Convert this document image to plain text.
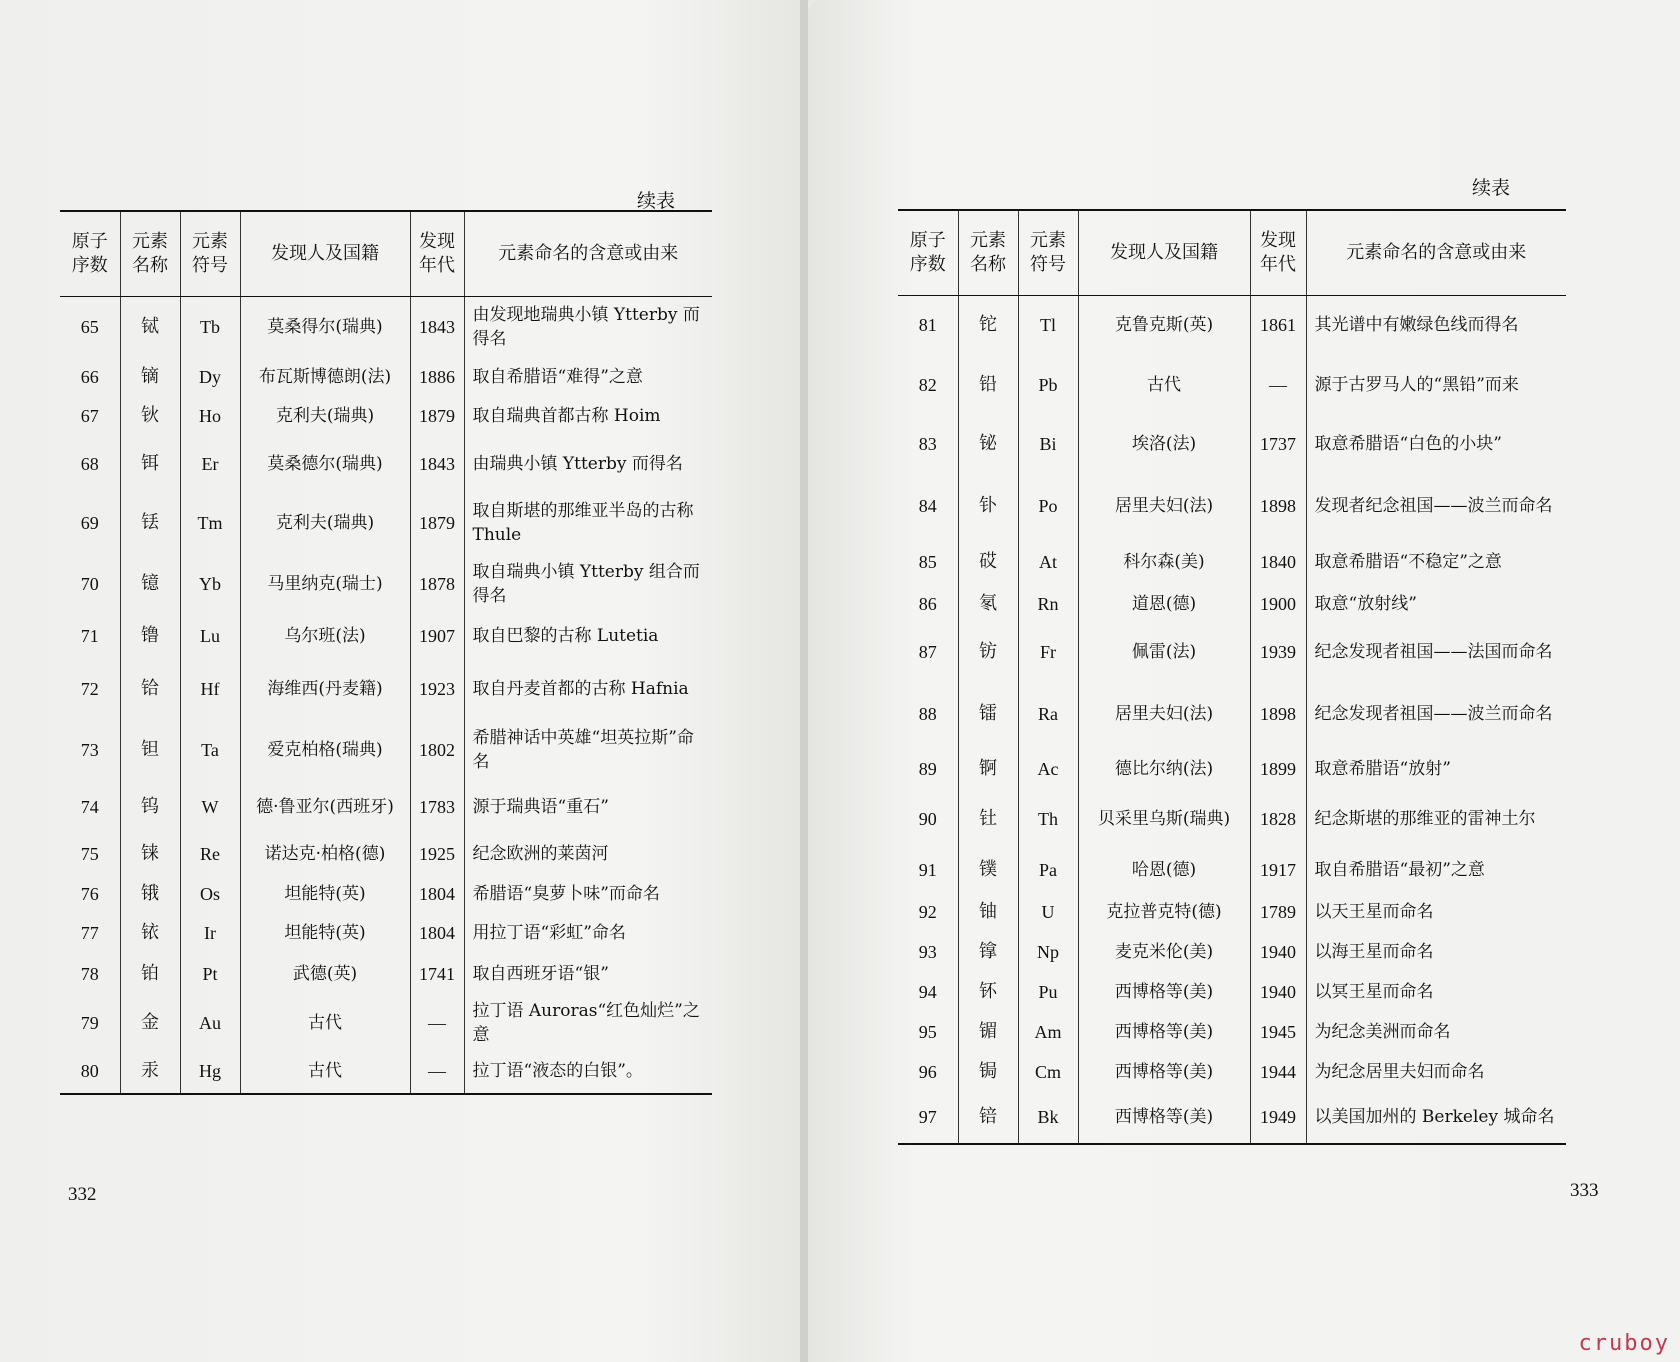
续表
原子序数	元素名称	元素符号	发现人及国籍	发现年代	元素命名的含意或由来
65	铽	Tb	莫桑得尔(瑞典)	1843	由发现地瑞典小镇 Ytterby 而得名
66	镝	Dy	布瓦斯博德朗(法)	1886	取自希腊语“难得”之意
67	钬	Ho	克利夫(瑞典)	1879	取自瑞典首都古称 Hoim
68	铒	Er	莫桑德尔(瑞典)	1843	由瑞典小镇 Ytterby 而得名
69	铥	Tm	克利夫(瑞典)	1879	取自斯堪的那维亚半岛的古称 Thule
70	镱	Yb	马里纳克(瑞士)	1878	取自瑞典小镇 Ytterby 组合而得名
71	镥	Lu	乌尔班(法)	1907	取自巴黎的古称 Lutetia
72	铪	Hf	海维西(丹麦籍)	1923	取自丹麦首都的古称 Hafnia
73	钽	Ta	爱克柏格(瑞典)	1802	希腊神话中英雄“坦英拉斯”命名
74	钨	W	德·鲁亚尔(西班牙)	1783	源于瑞典语“重石”
75	铼	Re	诺达克·柏格(德)	1925	纪念欧洲的莱茵河
76	锇	Os	坦能特(英)	1804	希腊语“臭萝卜味”而命名
77	铱	Ir	坦能特(英)	1804	用拉丁语“彩虹”命名
78	铂	Pt	武德(英)	1741	取自西班牙语“银”
79	金	Au	古代	—	拉丁语 Auroras“红色灿烂”之意
80	汞	Hg	古代	—	拉丁语“液态的白银”。
332
续表
原子序数	元素名称	元素符号	发现人及国籍	发现年代	元素命名的含意或由来
81	铊	Tl	克鲁克斯(英)	1861	其光谱中有嫩绿色线而得名
82	铅	Pb	古代	—	源于古罗马人的“黑铅”而来
83	铋	Bi	埃洛(法)	1737	取意希腊语“白色的小块”
84	钋	Po	居里夫妇(法)	1898	发现者纪念祖国——波兰而命名
85	砹	At	科尔森(美)	1840	取意希腊语“不稳定”之意
86	氡	Rn	道恩(德)	1900	取意“放射线”
87	钫	Fr	佩雷(法)	1939	纪念发现者祖国——法国而命名
88	镭	Ra	居里夫妇(法)	1898	纪念发现者祖国——波兰而命名
89	锕	Ac	德比尔纳(法)	1899	取意希腊语“放射”
90	钍	Th	贝采里乌斯(瑞典)	1828	纪念斯堪的那维亚的雷神土尔
91	镤	Pa	哈恩(德)	1917	取自希腊语“最初”之意
92	铀	U	克拉普克特(德)	1789	以天王星而命名
93	镎	Np	麦克米伦(美)	1940	以海王星而命名
94	钚	Pu	西博格等(美)	1940	以冥王星而命名
95	镅	Am	西博格等(美)	1945	为纪念美洲而命名
96	锔	Cm	西博格等(美)	1944	为纪念居里夫妇而命名
97	锫	Bk	西博格等(美)	1949	以美国加州的 Berkeley 城命名
333
cruboy
